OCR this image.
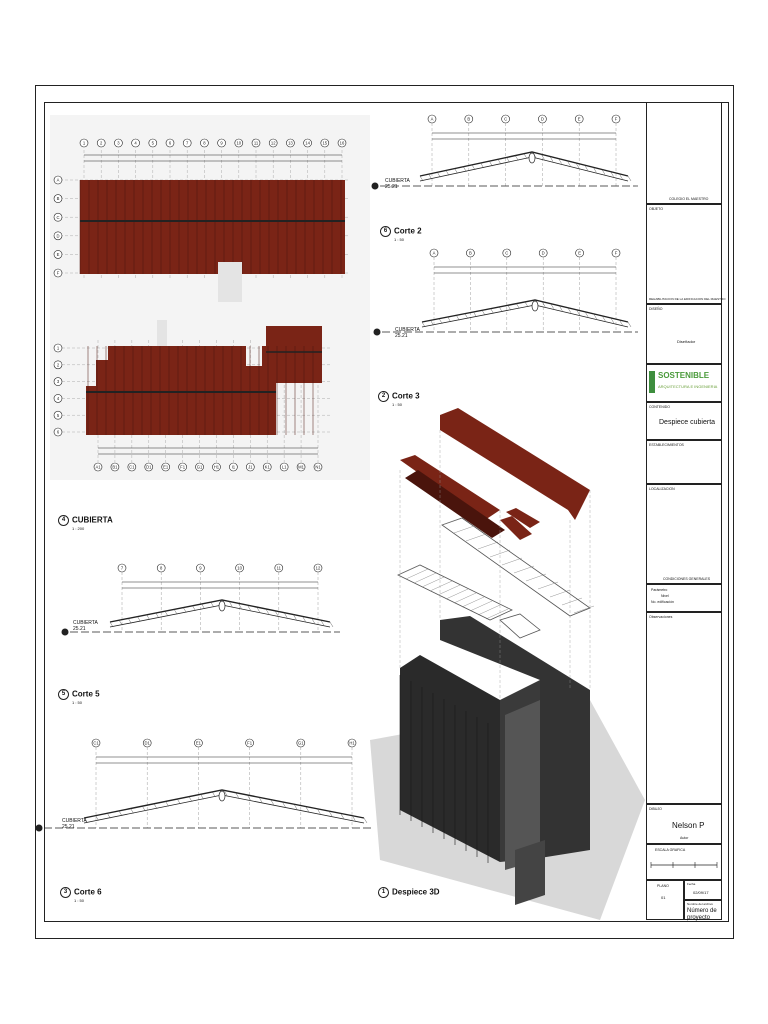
1	2	3	4	5	6	7	8	9	10	11	12	13	14	15	16
A
B
C
D
E
F
A1	B1	C1	D1	E1	F1	G1	H1	I1	J1	K1	L1	M1	N1
1
2
3
4
5
6
A	B	C	D	E	F
A	B	C	D	E	F
7	8	9	10	11	12
C1	D1	E1	F1	G1	H1
4 CUBIERTA
1 : 200
6 Corte 2
1 : 50
2 Corte 3
1 : 50
5 Corte 5
1 : 50
3 Corte 6
1 : 50
1 Despiece 3D
CUBIERTA
25.21
CUBIERTA
25.21
CUBIERTA
25.21
CUBIERTA
25.21
COLEGIO EL MAESTRO
OBJETO
REHABILITACION DE LA EDIFICACION DEL MAESTRO
DISEÑO
Diseñador
SOSTENIBLE
ARQUITECTURA E INGENIERIA
CONTENIDO
Despiece cubierta
ESTABLECIMIENTOS
LOCALIZACION
CONDICIONES GENERALES
Parámetro
Nivel
No. edificación
Observaciones
DIBUJO
Nelson P
Autor
ESCALA GRAFICA
PLANO
01
Fecha
02/09/17
Nombre del archivo
Número de proyecto
